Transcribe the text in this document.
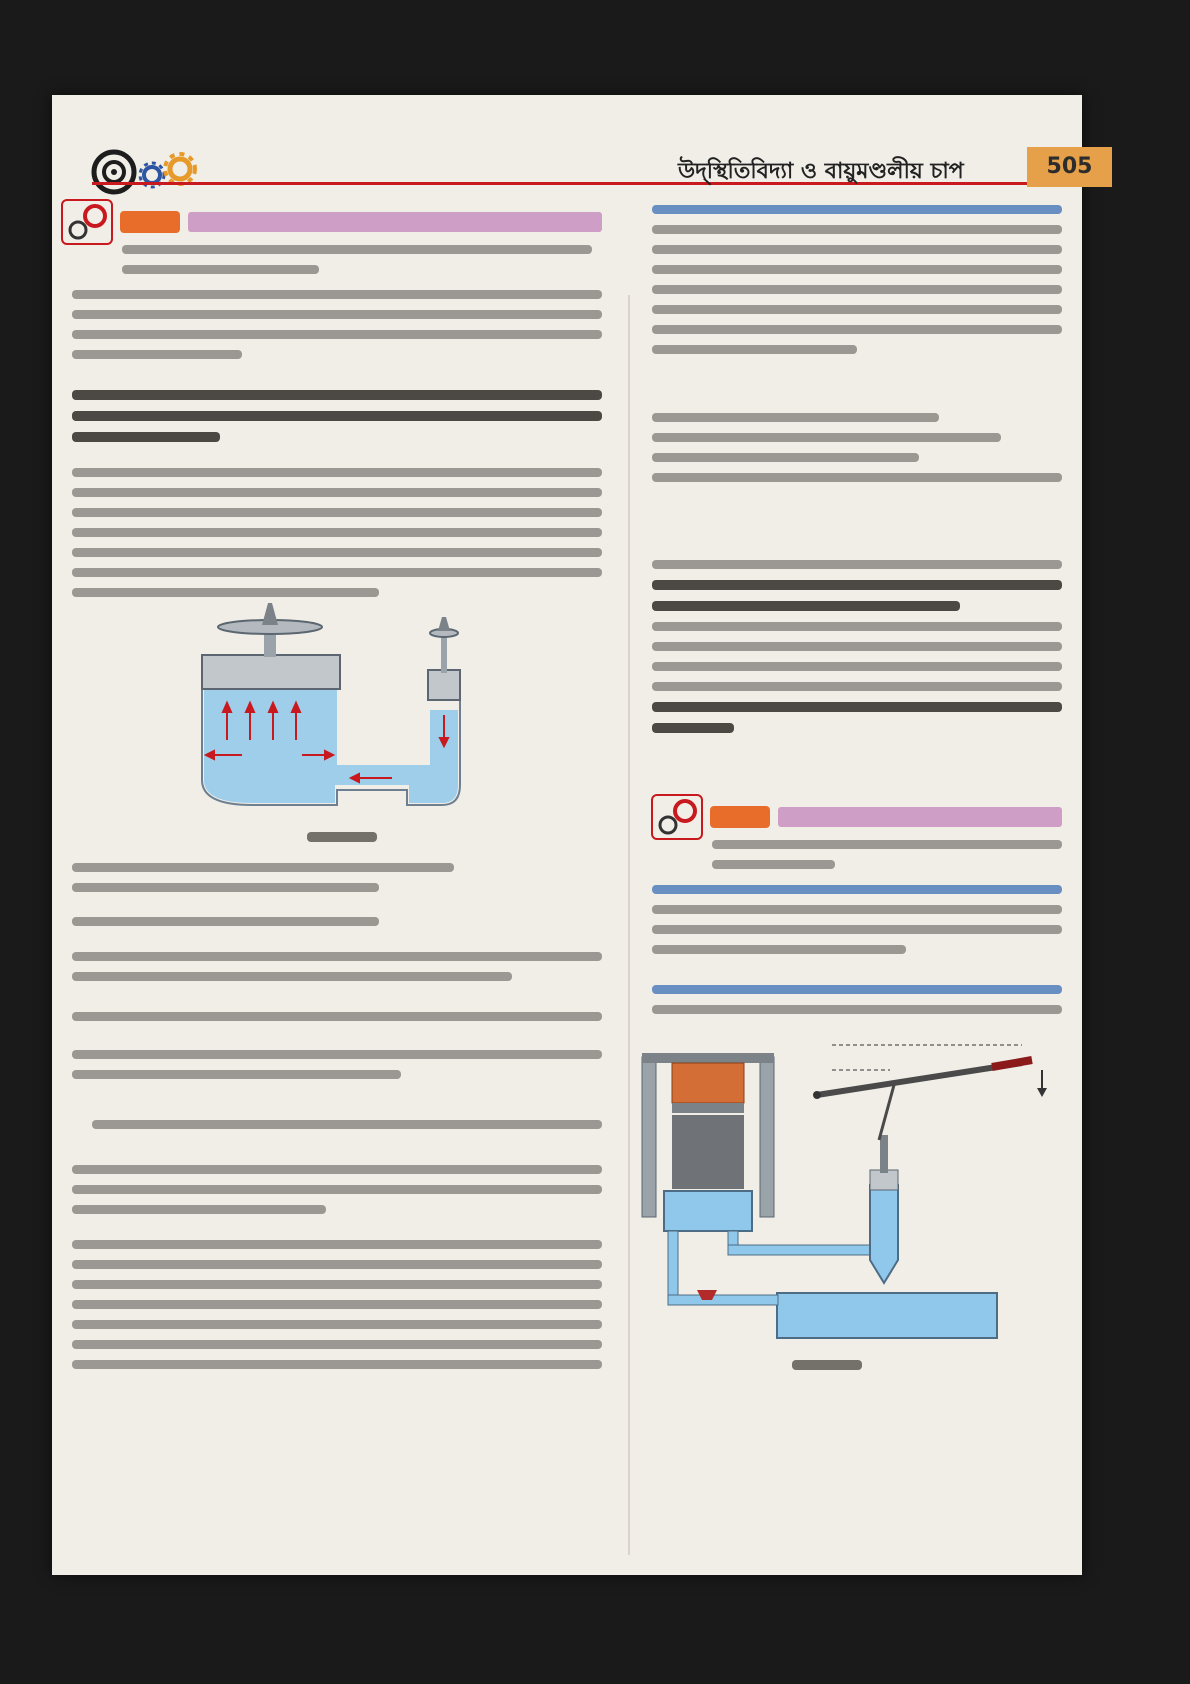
উদ্‌স্থিতিবিদ্যা ও বায়ুমণ্ডলীয় চাপ	505
